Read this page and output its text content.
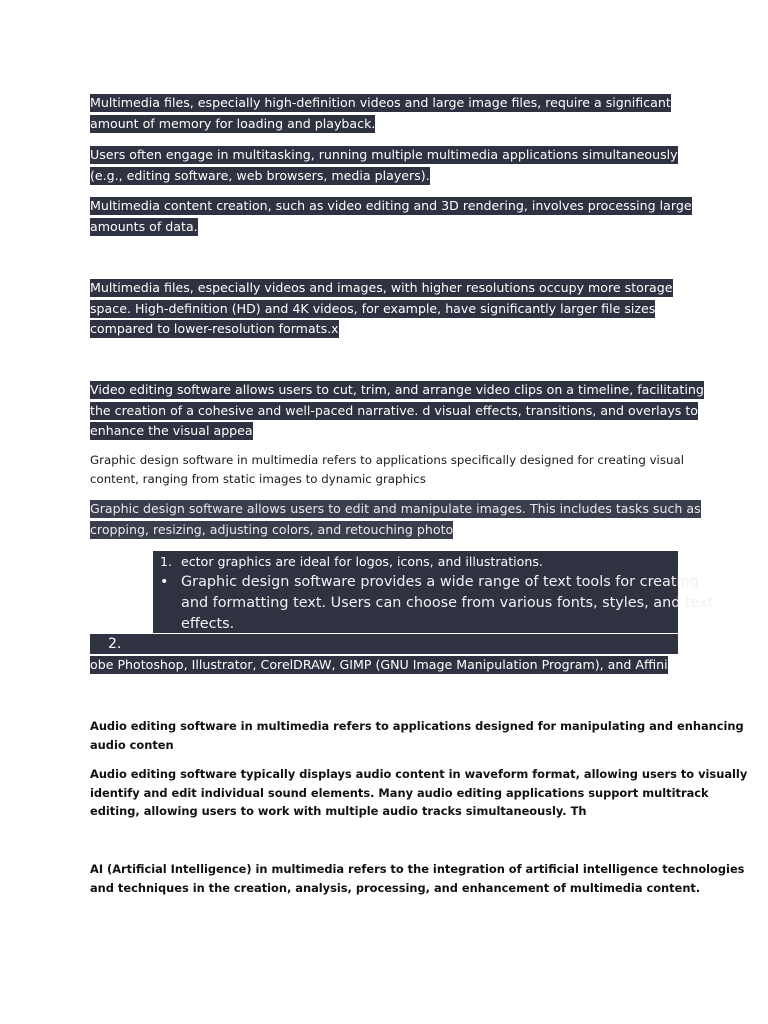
Multimedia files, especially high-definition videos and large image files, require a significant
amount of memory for loading and playback.

Users often engage in multitasking, running multiple multimedia applications simultaneously
(e.g., editing software, web browsers, media players).

Multimedia content creation, such as video editing and 3D rendering, involves processing large
amounts of data.

Multimedia files, especially videos and images, with higher resolutions occupy more storage
space. High-definition (HD) and 4K videos, for example, have significantly larger file sizes
compared to lower-resolution formats.x

Video editing software allows users to cut, trim, and arrange video clips on a timeline, facilitating
the creation of a cohesive and well-paced narrative. d visual effects, transitions, and overlays to
enhance the visual appea

Graphic design software in multimedia refers to applications specifically designed for creating visual
content, ranging from static images to dynamic graphics

Graphic design software allows users to edit and manipulate images. This includes tasks such as
cropping, resizing, adjusting colors, and retouching photo

1. ector graphics are ideal for logos, icons, and illustrations.
• Graphic design software provides a wide range of text tools for creating
and formatting text. Users can choose from various fonts, styles, and text
effects.
2.
obe Photoshop, Illustrator, CorelDRAW, GIMP (GNU Image Manipulation Program), and Affini

Audio editing software in multimedia refers to applications designed for manipulating and enhancing
audio conten

Audio editing software typically displays audio content in waveform format, allowing users to visually
identify and edit individual sound elements. Many audio editing applications support multitrack
editing, allowing users to work with multiple audio tracks simultaneously. Th

AI (Artificial Intelligence) in multimedia refers to the integration of artificial intelligence technologies
and techniques in the creation, analysis, processing, and enhancement of multimedia content.
